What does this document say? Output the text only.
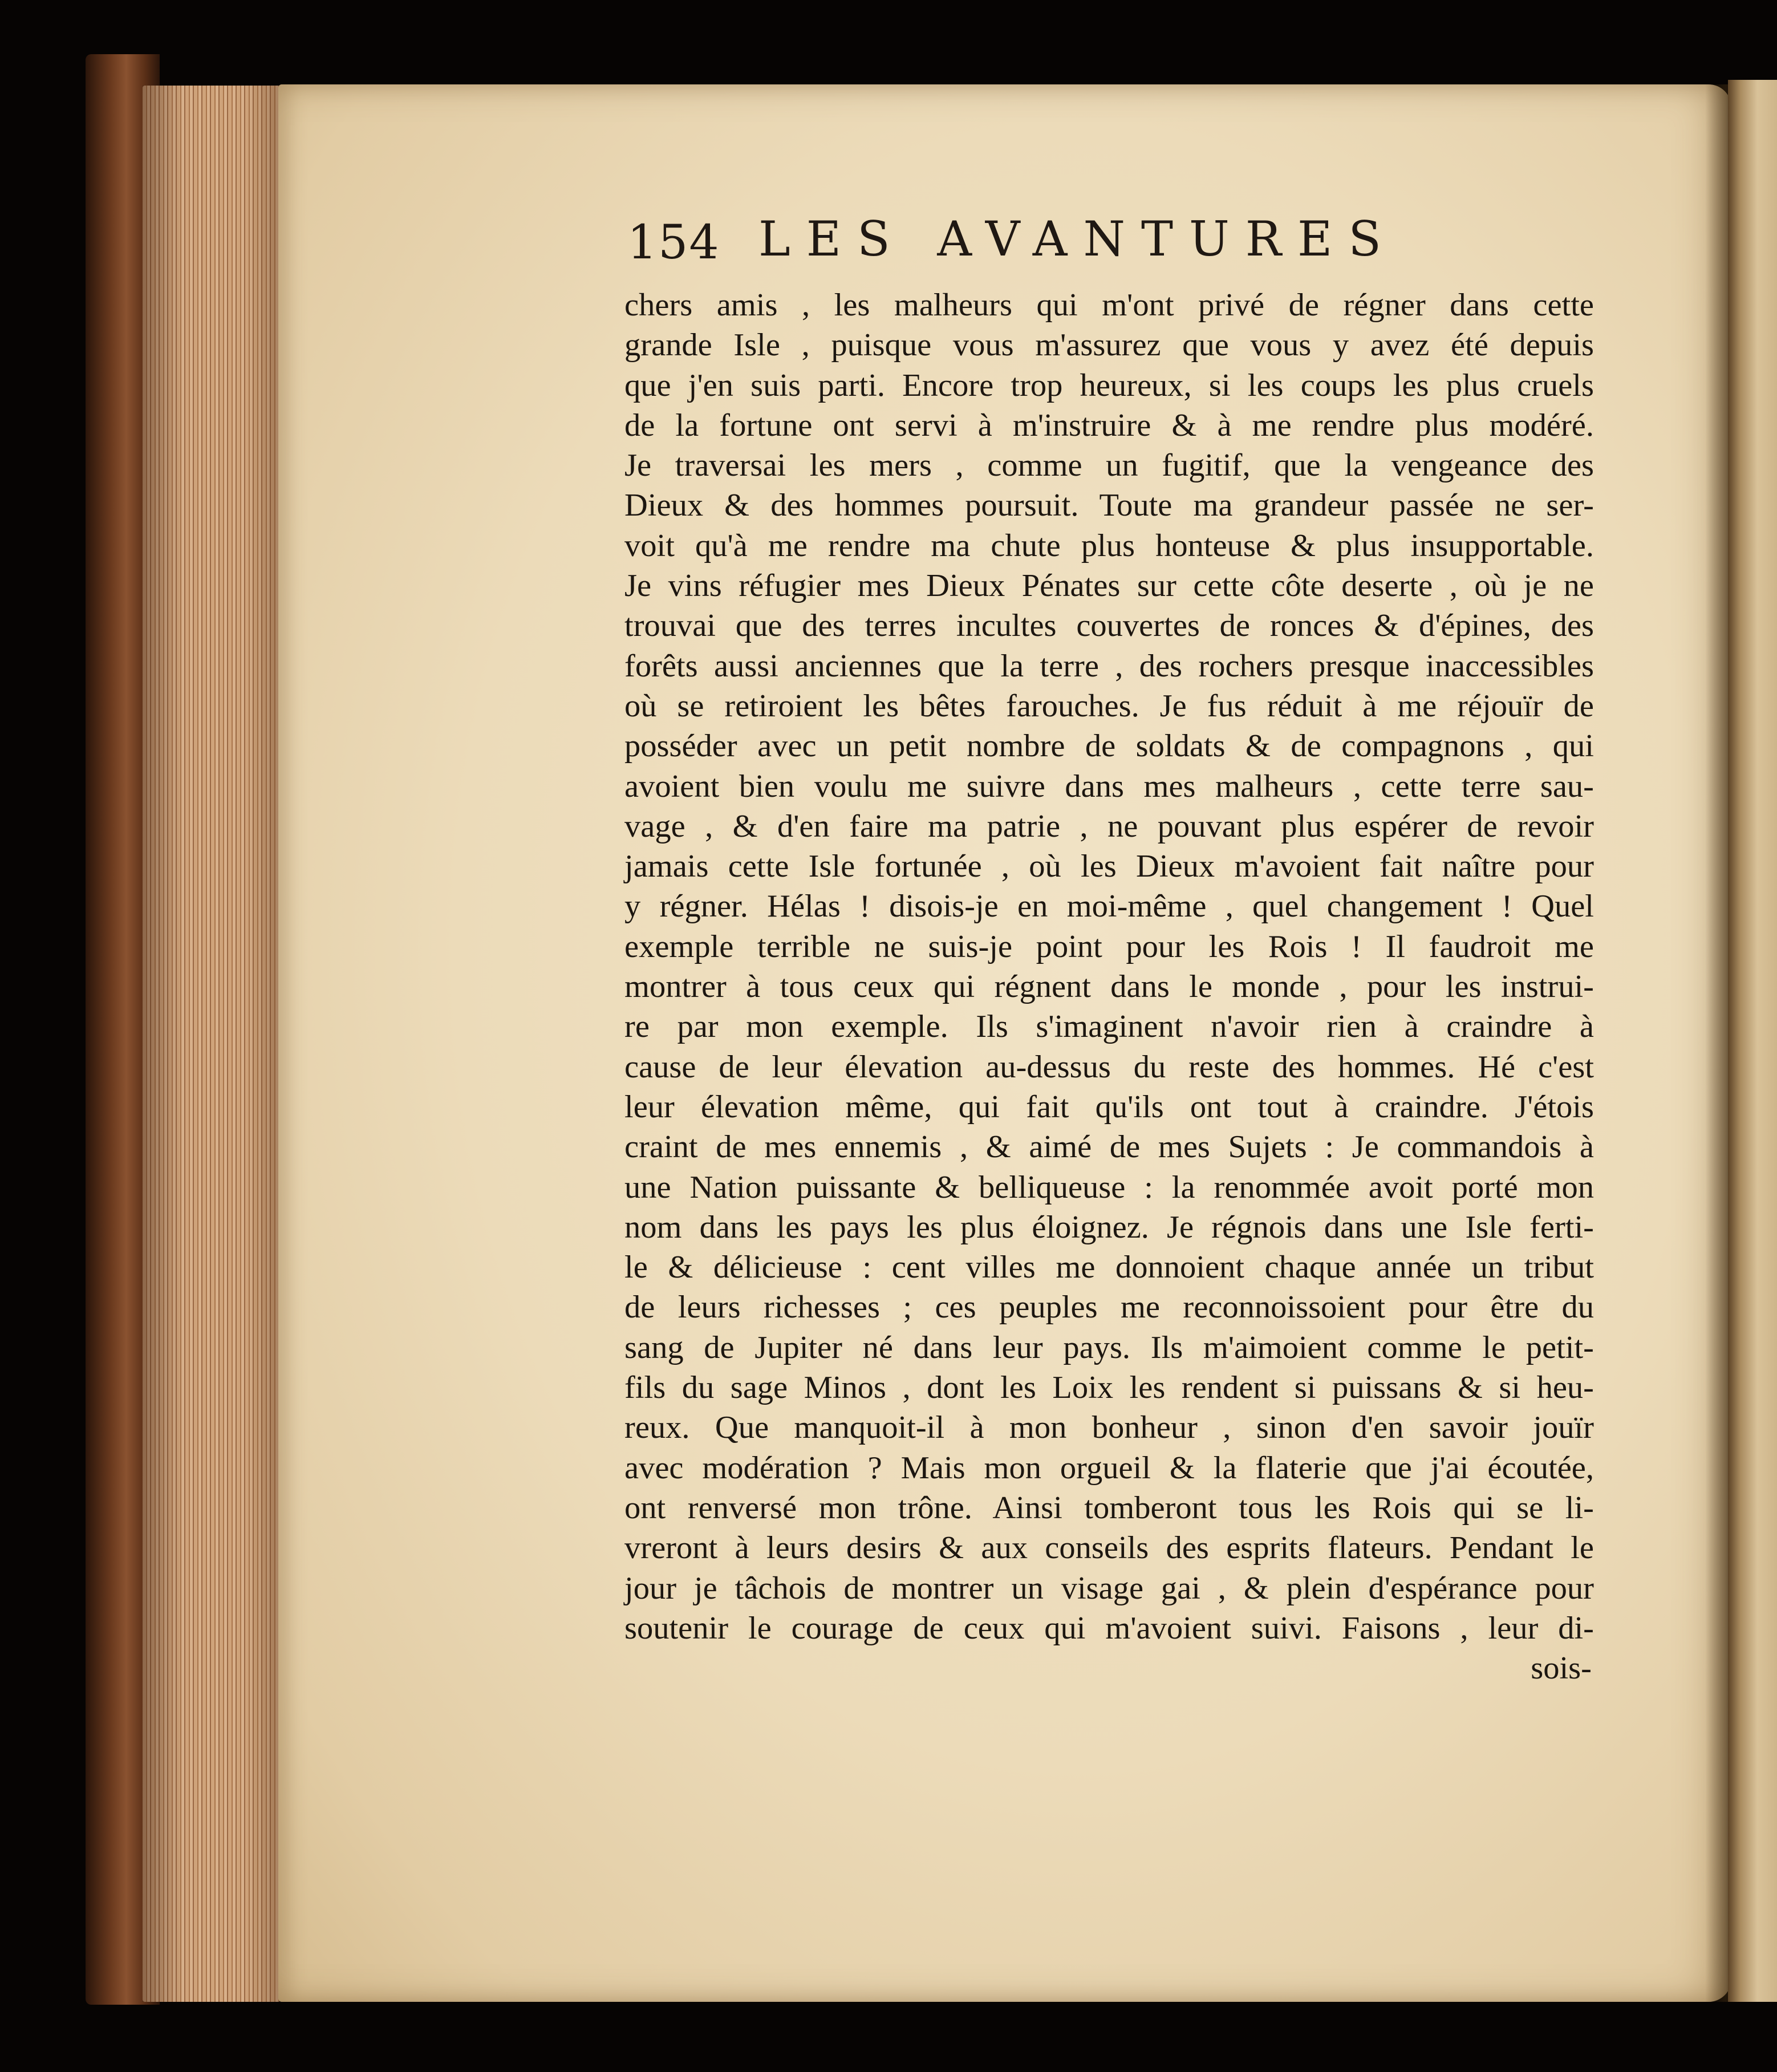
154 LES AVANTURES
chers amis , les malheurs qui m'ont privé de régner dans cette
grande Isle , puisque vous m'assurez que vous y avez été depuis
que j'en suis parti. Encore trop heureux, si les coups les plus cruels
de la fortune ont servi à m'instruire & à me rendre plus modéré.
Je traversai les mers , comme un fugitif, que la vengeance des
Dieux & des hommes poursuit. Toute ma grandeur passée ne ser-
voit qu'à me rendre ma chute plus honteuse & plus insupportable.
Je vins réfugier mes Dieux Pénates sur cette côte deserte , où je ne
trouvai que des terres incultes couvertes de ronces & d'épines, des
forêts aussi anciennes que la terre , des rochers presque inaccessibles
où se retiroient les bêtes farouches. Je fus réduit à me réjouïr de
posséder avec un petit nombre de soldats & de compagnons , qui
avoient bien voulu me suivre dans mes malheurs , cette terre sau-
vage , & d'en faire ma patrie , ne pouvant plus espérer de revoir
jamais cette Isle fortunée , où les Dieux m'avoient fait naître pour
y régner. Hélas ! disois-je en moi-même , quel changement ! Quel
exemple terrible ne suis-je point pour les Rois ! Il faudroit me
montrer à tous ceux qui régnent dans le monde , pour les instrui-
re par mon exemple. Ils s'imaginent n'avoir rien à craindre à
cause de leur élevation au-dessus du reste des hommes. Hé c'est
leur élevation même, qui fait qu'ils ont tout à craindre. J'étois
craint de mes ennemis , & aimé de mes Sujets : Je commandois à
une Nation puissante & belliqueuse : la renommée avoit porté mon
nom dans les pays les plus éloignez. Je régnois dans une Isle ferti-
le & délicieuse : cent villes me donnoient chaque année un tribut
de leurs richesses ; ces peuples me reconnoissoient pour être du
sang de Jupiter né dans leur pays. Ils m'aimoient comme le petit-
fils du sage Minos , dont les Loix les rendent si puissans & si heu-
reux. Que manquoit-il à mon bonheur , sinon d'en savoir jouïr
avec modération ? Mais mon orgueil & la flaterie que j'ai écoutée,
ont renversé mon trône. Ainsi tomberont tous les Rois qui se li-
vreront à leurs desirs & aux conseils des esprits flateurs. Pendant le
jour je tâchois de montrer un visage gai , & plein d'espérance pour
soutenir le courage de ceux qui m'avoient suivi. Faisons , leur di-
sois-
